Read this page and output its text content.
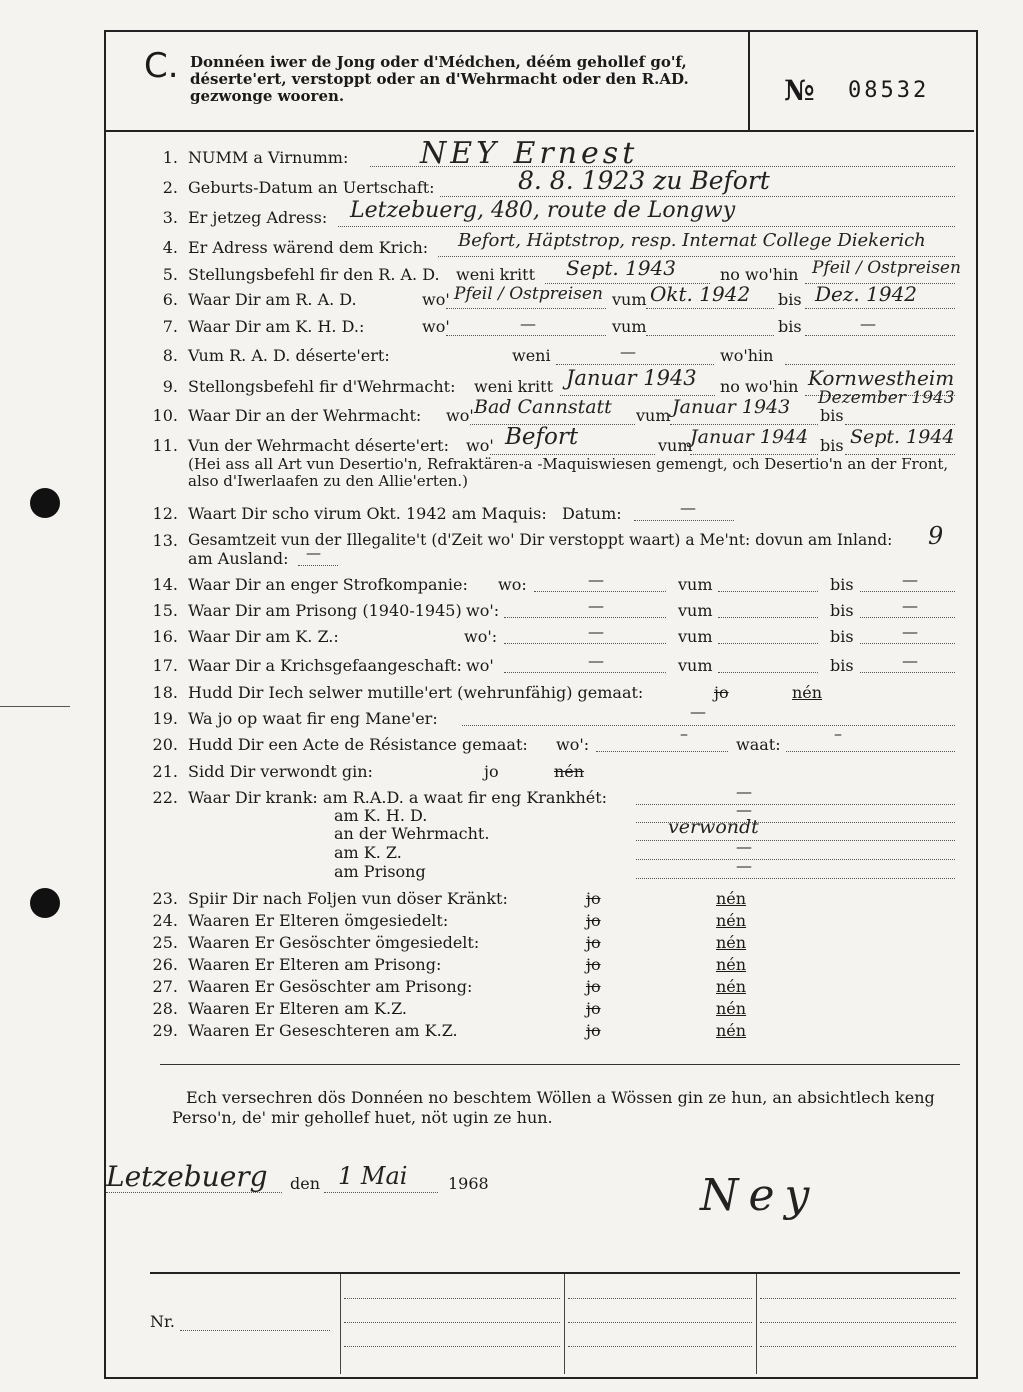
C. Donnéen iwer de Jong oder d'Médchen, déém gehollef go'f, déserte'ert, verstoppt oder an d'Wehrmacht oder den R.AD. gezwonge wooren.	№ 08532
1. NUMM a Virnumm: NEY Ernest
2. Geburts-Datum an Uertschaft:	8. 8. 1923 zu Befort
3. Er jetzeg Adress: Letzebuerg, 480, route de Longwy
4. Er Adress wärend dem Krich: Befort, Häptstrop, resp. Internat College Diekerich
5. Stellungsbefehl fir den R. A. D. weni kritt Sept. 1943	no wo'hin Pfeil / Ostpreisen
6. Waar Dir am R. A. D.	wo' Pfeil / Ostpreisen vum Okt. 1942 bis Dez. 1942
7. Waar Dir am K. H. D.:	wo'	—	vum	bis	—
8. Vum R. A. D. déserte'ert:	weni	—	wo'hin
9. Stellongsbefehl fir d'Wehrmacht: weni kritt Januar 1943 no wo'hin Kornwestheim
10. Waar Dir an der Wehrmacht: wo' Bad Cannstatt vum Januar 1943 bis
Dezember 1943
11. Vun der Wehrmacht déserte'ert: wo' Befort	vum
Januar 1944 bis Sept. 1944
(Hei ass all Art vun Desertio'n, Refraktären-a -Maquiswiesen gemengt, och Desertio'n an der Front, also d'Iwerlaafen zu den Allie'erten.)
12. Waart Dir scho virum Okt. 1942 am Maquis: Datum:	—
13. Gesamtzeit vun der Illegalite't (d'Zeit wo' Dir verstoppt waart) a Me'nt: dovun am Inland: 9
am Ausland: —
14. Waar Dir an enger Strofkompanie: wo:	—	vum	bis	—
15. Waar Dir am Prisong (1940-1945) wo':	—	vum	bis	—
16. Waar Dir am K. Z.:	wo':	—	vum	bis	—
17. Waar Dir a Krichsgefaangeschaft: wo'	—	vum	bis	—
18. Hudd Dir Iech selwer mutille'ert (wehrunfähig) gemaat:	jo	nén
19. Wa jo op waat fir eng Mane'er:	—
20. Hudd Dir een Acte de Résistance gemaat: wo':
–
waat:
–
21. Sidd Dir verwondt gin:	jo	nén
22. Waar Dir krank: am R.A.D. a waat fir eng Krankhét:	—
am K. H. D.	—
an der Wehrmacht.	verwondt
am K. Z.	—
am Prisong	—
23. Spiir Dir nach Foljen vun döser Kränkt:	jo	nén
24. Waaren Er Elteren ömgesiedelt:	jo	nén
25. Waaren Er Gesöschter ömgesiedelt:	jo	nén
26. Waaren Er Elteren am Prisong:	jo	nén
27. Waaren Er Gesöschter am Prisong:	jo	nén
28. Waaren Er Elteren am K.Z.	jo	nén
29. Waaren Er Geseschteren am K.Z.	jo	nén
Ech versechren dös Donnéen no beschtem Wöllen a Wössen gin ze hun, an absichtlech keng Perso'n, de' mir gehollef huet, nöt ugin ze hun.
Letzebuerg den 1 Mai	1968	Ney
Nr.
